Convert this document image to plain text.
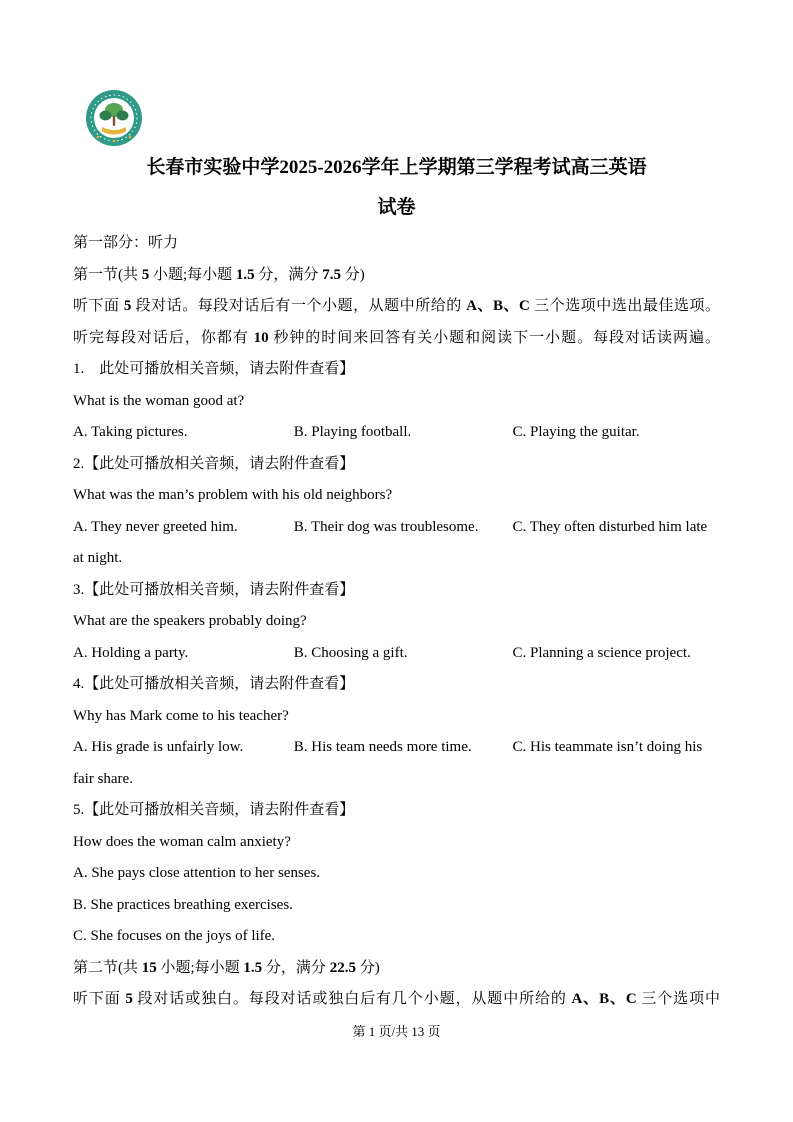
长春市实验中学2025-2026学年上学期第三学程考试高三英语
试卷

第一部分：听力

第一节(共 5 小题;每小题 1.5 分，满分 7.5 分)

听下面 5 段对话。每段对话后有一个小题，从题中所给的 A、B、C 三个选项中选出最佳选项。

听完每段对话后，你都有 10 秒钟的时间来回答有关小题和阅读下一小题。每段对话读两遍。

1.　此处可播放相关音频，请去附件查看】

What is the woman good at?

A. Taking pictures.	B. Playing football.	C. Playing the guitar.

2.【此处可播放相关音频，请去附件查看】

What was the man’s problem with his old neighbors?

A. They never greeted him.	B. Their dog was troublesome. C. They often disturbed him late at night.

3.【此处可播放相关音频，请去附件查看】

What are the speakers probably doing?

A. Holding a party.	B. Choosing a gift.	C. Planning a science project.

4.【此处可播放相关音频，请去附件查看】

Why has Mark come to his teacher?

A. His grade is unfairly low.	B. His team needs more time.	C. His teammate isn’t doing his fair share.

5.【此处可播放相关音频，请去附件查看】

How does the woman calm anxiety?

A. She pays close attention to her senses.

B. She practices breathing exercises.

C. She focuses on the joys of life.

第二节(共 15 小题;每小题 1.5 分，满分 22.5 分)

听下面 5 段对话或独白。每段对话或独白后有几个小题，从题中所给的 A、B、C 三个选项中

第 1 页/共 13 页
